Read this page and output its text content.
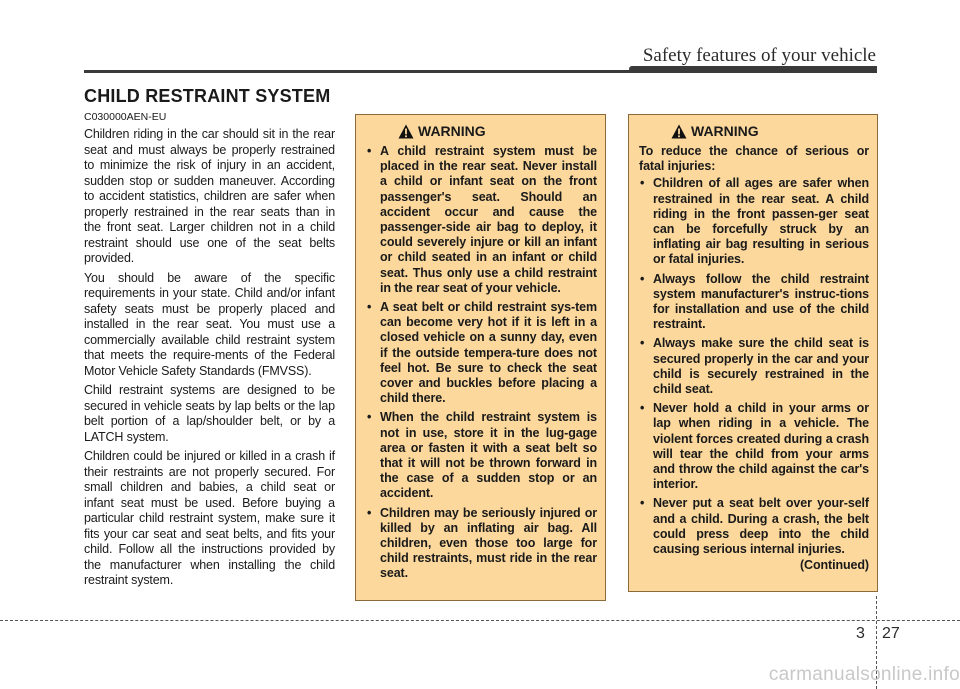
Safety features of your vehicle
CHILD RESTRAINT SYSTEM
C030000AEN-EU

Children riding in the car should sit in the rear seat and must always be properly restrained to minimize the risk of injury in an accident, sudden stop or sudden maneuver. According to accident statistics, children are safer when properly restrained in the rear seats than in the front seat. Larger children not in a child restraint should use one of the seat belts provided.

You should be aware of the specific requirements in your state. Child and/or infant safety seats must be properly placed and installed in the rear seat. You must use a commercially available child restraint system that meets the require-ments of the Federal Motor Vehicle Safety Standards (FMVSS).

Child restraint systems are designed to be secured in vehicle seats by lap belts or the lap belt portion of a lap/shoulder belt, or by a LATCH system.

Children could be injured or killed in a crash if their restraints are not properly secured. For small children and babies, a child seat or infant seat must be used. Before buying a particular child restraint system, make sure it fits your car seat and seat belts, and fits your child. Follow all the instructions provided by the manufacturer when installing the child restraint system.

WARNING
• A child restraint system must be placed in the rear seat. Never install a child or infant seat on the front passenger's seat. Should an accident occur and cause the passenger-side air bag to deploy, it could severely injure or kill an infant or child seated in an infant or child seat. Thus only use a child restraint in the rear seat of your vehicle.
• A seat belt or child restraint sys-tem can become very hot if it is left in a closed vehicle on a sunny day, even if the outside tempera-ture does not feel hot. Be sure to check the seat cover and buckles before placing a child there.
• When the child restraint system is not in use, store it in the lug-gage area or fasten it with a seat belt so that it will not be thrown forward in the case of a sudden stop or an accident.
• Children may be seriously injured or killed by an inflating air bag. All children, even those too large for child restraints, must ride in the rear seat.
WARNING
To reduce the chance of serious or fatal injuries:
• Children of all ages are safer when restrained in the rear seat. A child riding in the front passen-ger seat can be forcefully struck by an inflating air bag resulting in serious or fatal injuries.
• Always follow the child restraint system manufacturer's instruc-tions for installation and use of the child restraint.
• Always make sure the child seat is secured properly in the car and your child is securely restrained in the child seat.
• Never hold a child in your arms or lap when riding in a vehicle. The violent forces created during a crash will tear the child from your arms and throw the child against the car's interior.
• Never put a seat belt over your-self and a child. During a crash, the belt could press deep into the child causing serious internal injuries.
(Continued)
3 27
carmanualsonline.info
